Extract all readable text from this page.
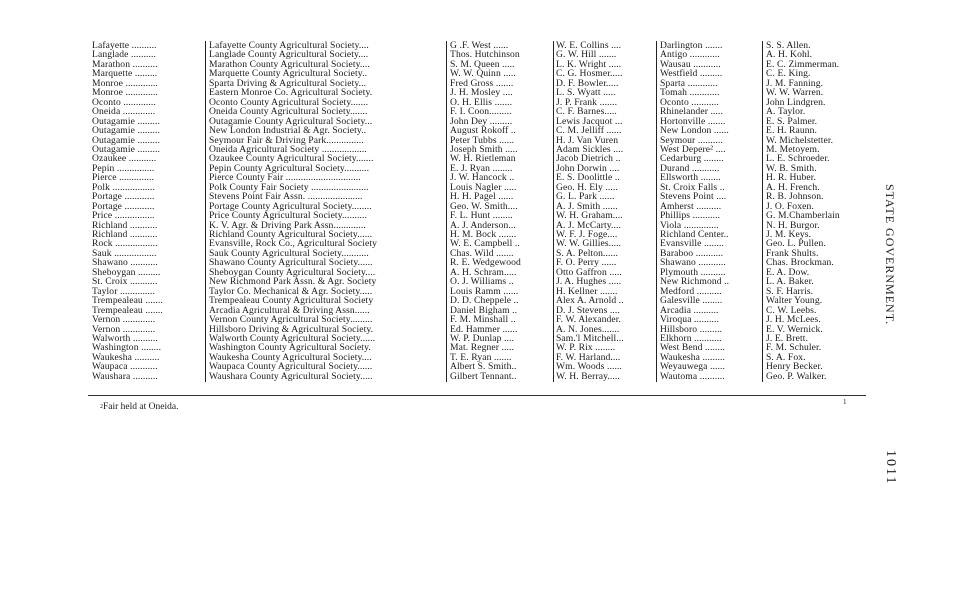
Lafayette ..........	Lafayette County Agricultural Society....	G .F. West ......	W. E. Collins ....	Darlington .......	S. S. Allen.
Langlade ..........	Langlade County Agricultural Society....	Thos. Hutchinson	G. W. Hill .......	Antigo ............	A. H. Kohl.
Marathon ..........	Marathon County Agricultural Society....	S. M. Queen .....	L. K. Wright .....	Wausau ...........	E. C. Zimmerman.
Marquette .........	Marquette County Agricultural Society..	W. W. Quinn .....	C. G. Hosmer.....	Westfield .........	C. E. King.
Monroe .............	Sparta Driving & Agricultural Society...	Fred Gross .......	D. F. Bowler.....	Sparta ............	J. M. Fanning.
Monroe .............	Eastern Monroe Co. Agricultural Society.	J. H. Mosley ....	L. S. Wyatt .....	Tomah ............	W. W. Warren.
Oconto .............	Oconto County Agricultural Society.......	O. H. Ellis .......	J. P. Frank .......	Oconto ...........	John Lindgren.
Oneida .............	Oneida County Agricultural Society.......	F. I. Coon.........	C. F. Barnes.....	Rhinelander .....	A. Taylor.
Outagamie .........	Outagamie County Agricultural Society...	John Dey .........	Lewis Jacquot ...	Hortonville .......	E. S. Palmer.
Outagamie .........	New London Industrial & Agr. Society..	August Rokoff ..	C. M. Jelliff ......	New London ......	E. H. Raunn.
Outagamie .........	Seymour Fair & Driving Park...............	Peter Tubbs ......	H. J. Van Vuren	Seymour ..........	W. Michelstetter.
Outagamie .........	Oneida Agricultural Society ..................	Joseph Smith .....	Adam Sickles ....	West Depere² ....	M. Metoyem.
Ozaukee ...........	Ozaukee County Agricultural Society.......	W. H. Rietleman	Jacob Dietrich ..	Cedarburg ........	L. E. Schroeder.
Pepin ...............	Pepin County Agricultural Society..........	E. J. Ryan ........	John Dorwin ....	Durand ...........	W. B. Smith.
Pierce ..............	Pierce County Fair ..............................	J. W. Hancock ..	E. S. Doolittle ..	Ellsworth ........	H. R. Huber.
Polk .................	Polk County Fair Society .......................	Louis Nagler .....	Geo. H. Ely .....	St. Croix Falls ..	A. H. French.
Portage ............	Stevens Point Fair Assn. ......................	H. H. Pagel ......	G. L. Park ......	Stevens Point ....	R. B. Johnson.
Portage ............	Portage County Agricultural Society........	Geo. W. Smith....	A. J. Smith ......	Amherst ..........	J. O. Foxen.
Price ................	Price County Agricultural Society..........	F. L. Hunt ........	W. H. Graham....	Phillips ...........	G. M.Chamberlain
Richland ...........	K. V. Agr. & Driving Park Assn.............	A. J. Anderson...	A. J. McCarty....	Viola ..............	N. H. Burgor.
Richland ...........	Richland County Agricultural Society......	H. M. Bock .......	W. F. J. Foge....	Richland Center..	J. M. Keys.
Rock .................	Evansville, Rock Co., Agricultural Society	W. E. Campbell ..	W. W. Gillies.....	Evansville ........	Geo. L. Pullen.
Sauk .................	Sauk County Agricultural Society...........	Chas. Wild .......	S. A. Pelton......	Baraboo ...........	Frank Shults.
Shawano ...........	Shawano County Agricultural Society......	R. E. Wedgewood	F. O. Perry ......	Shawano ...........	Chas. Brockman.
Sheboygan .........	Sheboygan County Agricultural Society....	A. H. Schram.....	Otto Gaffron .....	Plymouth ..........	E. A. Dow.
St. Croix ...........	New Richmond Park Assn. & Agr. Society	O. J. Williams ..	J. A. Hughes .....	New Richmond ..	L. A. Baker.
Taylor ..............	Taylor Co. Mechanical & Agr. Society.....	Louis Ramm ......	H. Kellner .......	Medford ..........	S. F. Harris.
Trempealeau .......	Trempealeau County Agricultural Society	D. D. Cheppele ..	Alex A. Arnold ..	Galesville ........	Walter Young.
Trempealeau .......	Arcadia Agricultural & Driving Assn......	Daniel Bigham ..	D. J. Stevens ....	Arcadia ..........	C. W. Leebs.
Vernon .............	Vernon County Agricultural Society.........	F. M. Minshall ..	F. W. Alexander.	Viroqua ..........	J. H. McLees.
Vernon .............	Hillsboro Driving & Agricultural Society.	Ed. Hammer ......	A. N. Jones.......	Hillsboro .........	E. V. Wernick.
Walworth ..........	Walworth County Agricultural Society......	W. P. Dunlap ....	Sam.'l Mitchell...	Elkhorn ...........	J. E. Brett.
Washington ........	Washington County Agricultural Society.	Mat. Regner .....	W. P. Rix ........	West Bend ........	F. M. Schuler.
Waukesha ..........	Waukesha County Agricultural Society....	T. E. Ryan .......	F. W. Harland....	Waukesha .........	S. A. Fox.
Waupaca ...........	Waupaca County Agricultural Society......	Albert S. Smith..	Wm. Woods ......	Weyauwega ......	Henry Becker.
Waushara ..........	Waushara County Agricultural Society.....	Gilbert Tennant..	W. H. Berray.....	Wautoma ..........	Geo. P. Walker.
$^2$Fair held at Oneida.	1
STATE GOVERNMENT.
1011
